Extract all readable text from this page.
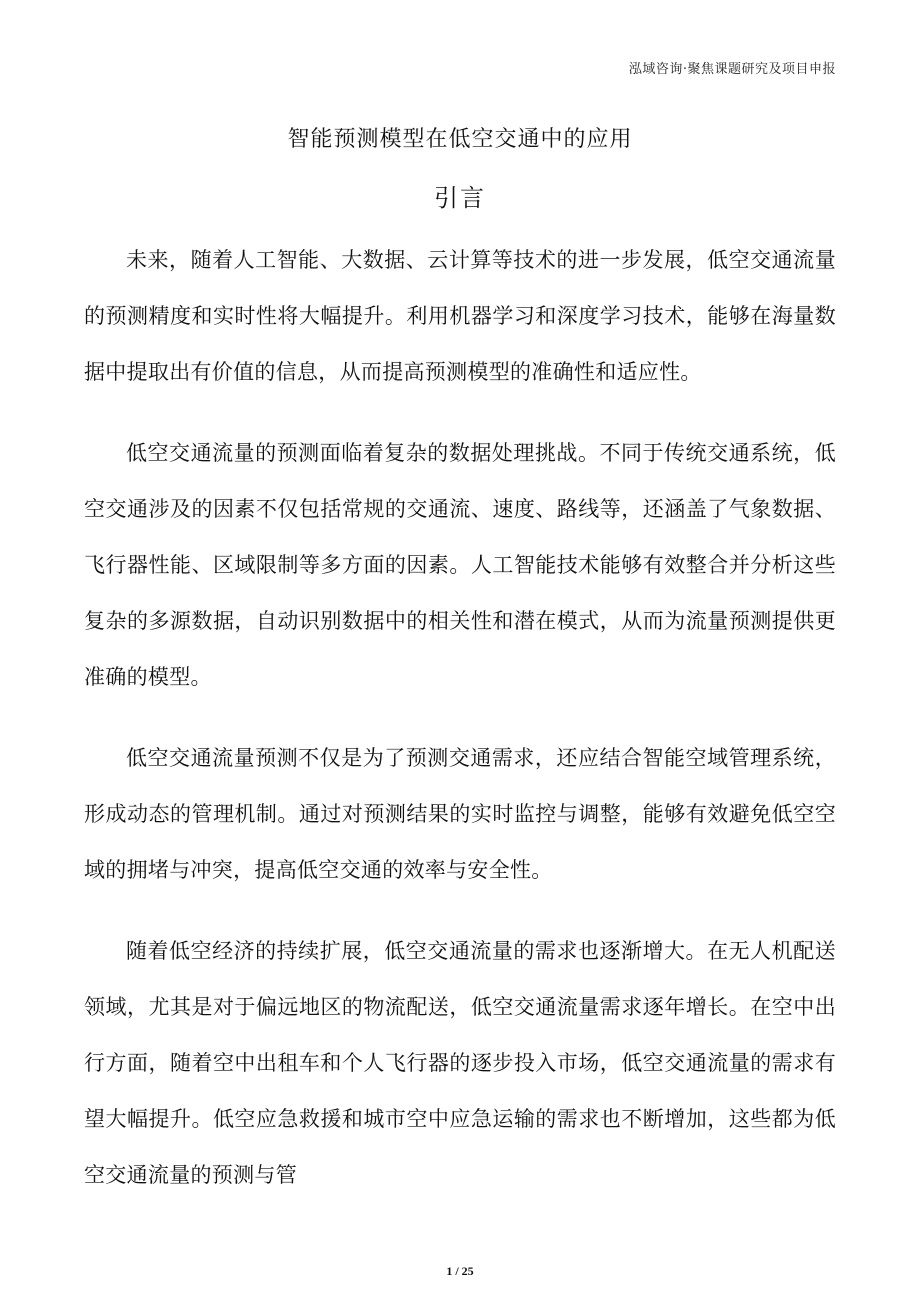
泓域咨询·聚焦课题研究及项目申报
智能预测模型在低空交通中的应用
引言

未来，随着人工智能、大数据、云计算等技术的进一步发展，低空交通流量的预测精度和实时性将大幅提升。利用机器学习和深度学习技术，能够在海量数据中提取出有价值的信息，从而提高预测模型的准确性和适应性。

低空交通流量的预测面临着复杂的数据处理挑战。不同于传统交通系统，低空交通涉及的因素不仅包括常规的交通流、速度、路线等，还涵盖了气象数据、飞行器性能、区域限制等多方面的因素。人工智能技术能够有效整合并分析这些复杂的多源数据，自动识别数据中的相关性和潜在模式，从而为流量预测提供更准确的模型。

低空交通流量预测不仅是为了预测交通需求，还应结合智能空域管理系统，形成动态的管理机制。通过对预测结果的实时监控与调整，能够有效避免低空空域的拥堵与冲突，提高低空交通的效率与安全性。

随着低空经济的持续扩展，低空交通流量的需求也逐渐增大。在无人机配送领域，尤其是对于偏远地区的物流配送，低空交通流量需求逐年增长。在空中出行方面，随着空中出租车和个人飞行器的逐步投入市场，低空交通流量的需求有望大幅提升。低空应急救援和城市空中应急运输的需求也不断增加，这些都为低空交通流量的预测与管

1 / 25
